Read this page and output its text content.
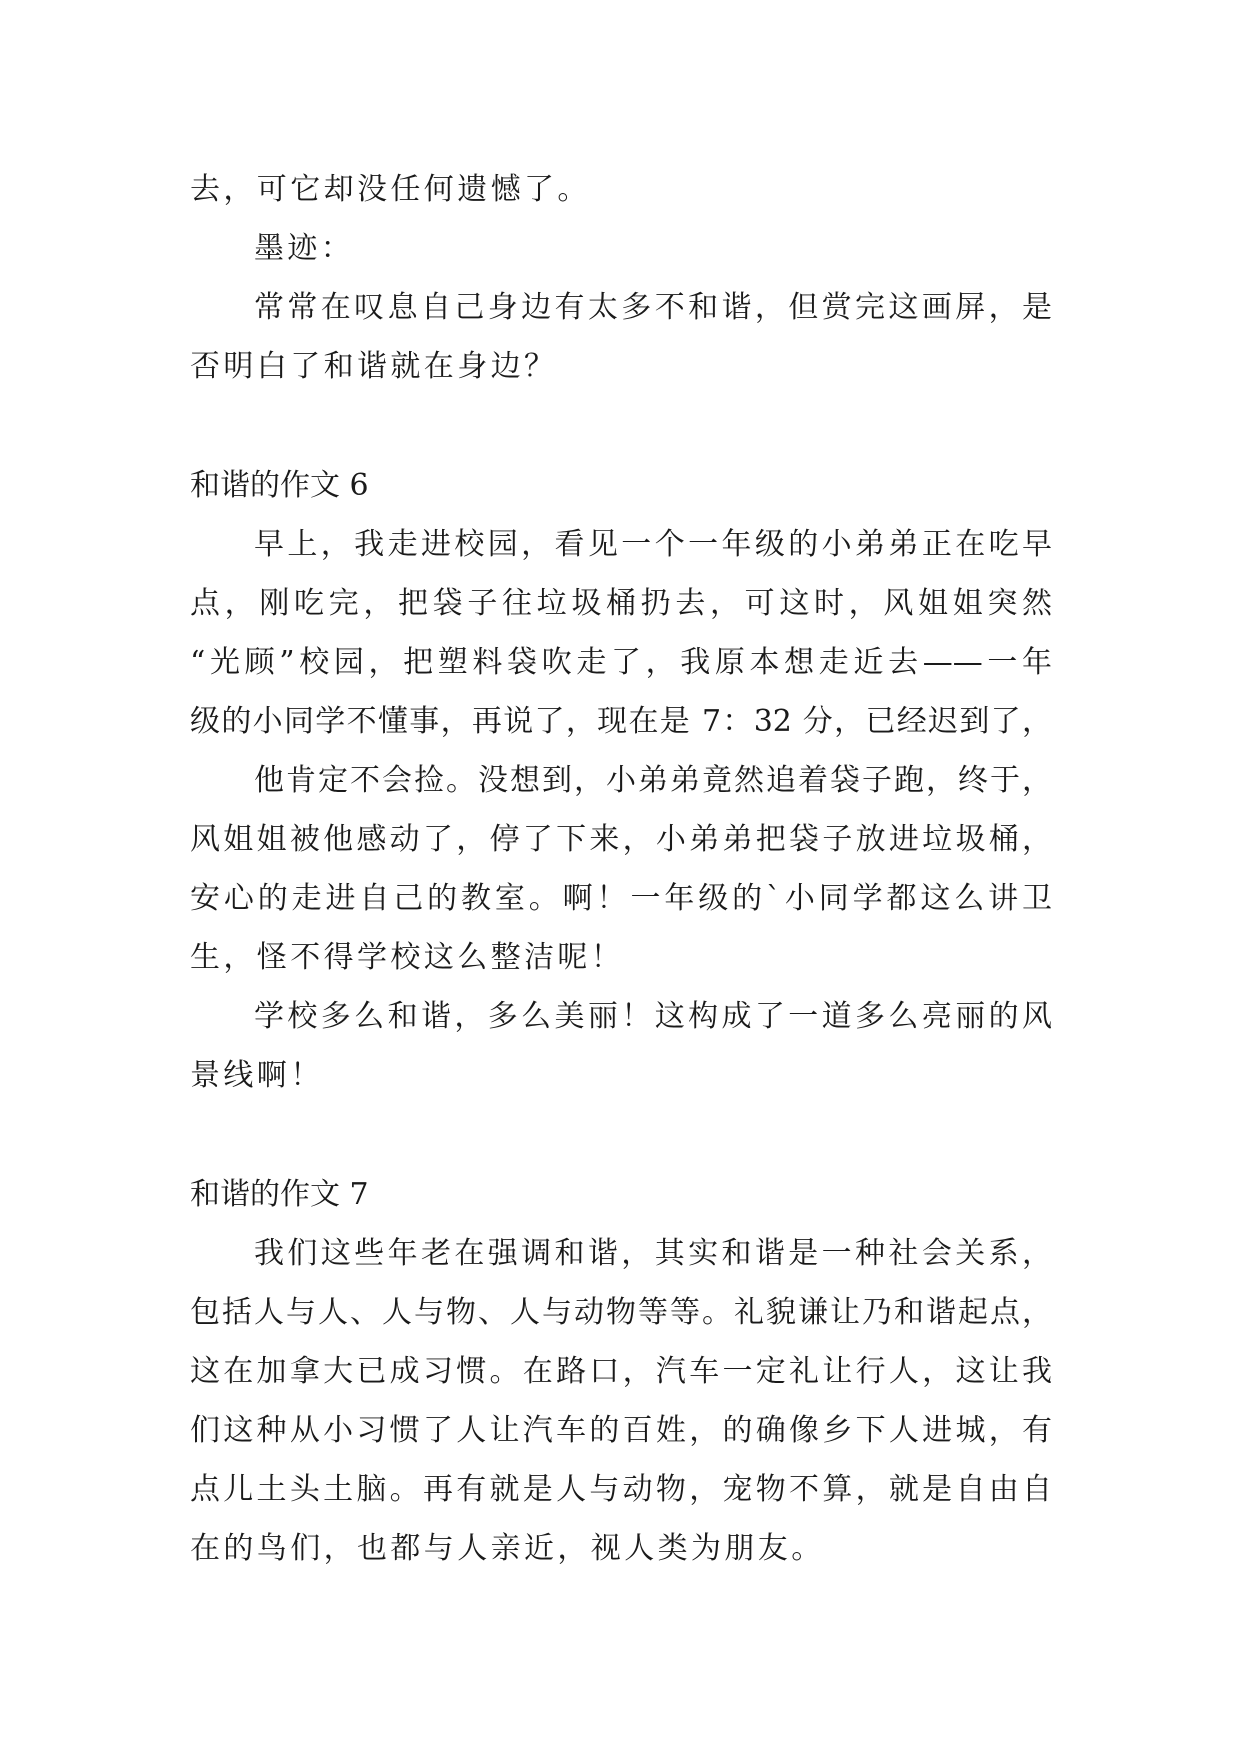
去，可它却没任何遗憾了。
墨迹：
常常在叹息自己身边有太多不和谐，但赏完这画屏，是
否明白了和谐就在身边？
和谐的作文 6
早上，我走进校园，看见一个一年级的小弟弟正在吃早
点，刚吃完，把袋子往垃圾桶扔去，可这时，风姐姐突然
“光顾”校园，把塑料袋吹走了，我原本想走近去——一年
级的小同学不懂事，再说了，现在是 7：32 分，已经迟到了，
他肯定不会捡。没想到，小弟弟竟然追着袋子跑，终于，
风姐姐被他感动了，停了下来，小弟弟把袋子放进垃圾桶，
安心的走进自己的教室。啊！一年级的`小同学都这么讲卫
生，怪不得学校这么整洁呢！
学校多么和谐，多么美丽！这构成了一道多么亮丽的风
景线啊！
和谐的作文 7
我们这些年老在强调和谐，其实和谐是一种社会关系，
包括人与人、人与物、人与动物等等。礼貌谦让乃和谐起点，
这在加拿大已成习惯。在路口，汽车一定礼让行人，这让我
们这种从小习惯了人让汽车的百姓，的确像乡下人进城，有
点儿土头土脑。再有就是人与动物，宠物不算，就是自由自
在的鸟们，也都与人亲近，视人类为朋友。
